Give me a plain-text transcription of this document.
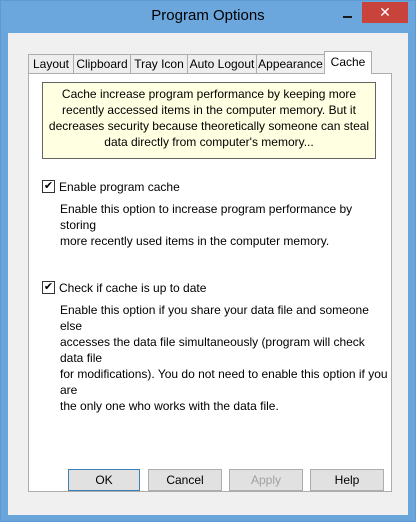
Program Options	✕
Layout Clipboard Tray Icon Auto Logout Appearance Cache
Cache increase program performance by keeping more recently accessed items in the computer memory. But it decreases security because theoretically someone can steal data directly from computer's memory...
✔ Enable program cache
Enable this option to increase program performance by storing
more recently used items in the computer memory.
✔ Check if cache is up to date
Enable this option if you share your data file and someone else
accesses the data file simultaneously (program will check data file
for modifications). You do not need to enable this option if you are
the only one who works with the data file.
OK	Cancel	Apply	Help
